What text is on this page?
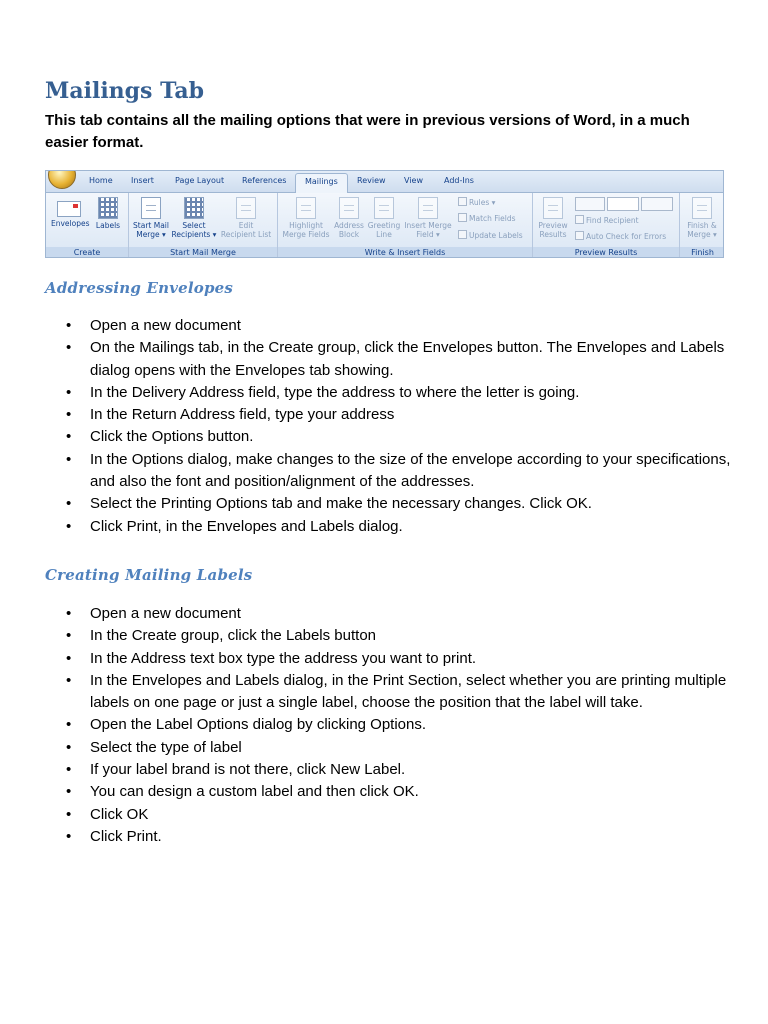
Mailings Tab

This tab contains all the mailing options that were in previous versions of Word, in a much easier format.

Home Insert	Page Layout References	Mailings	Review View	Add-Ins
Envelopes Labels
Create
Start Mail
Merge ▾
Select
Recipients ▾
Edit
Recipient List
Start Mail Merge
Highlight
Merge Fields
Address
Block
Greeting
Line
Insert Merge
Field ▾
Rules ▾
Match Fields
Update Labels
Write & Insert Fields
Preview
Results
Find Recipient
Auto Check for Errors
Preview Results
Finish &
Merge ▾
Finish
Addressing Envelopes
• Open a new document
• On the Mailings tab, in the Create group, click the Envelopes button. The Envelopes and Labels dialog opens with the Envelopes tab showing.
• In the Delivery Address field, type the address to where the letter is going.
• In the Return Address field, type your address
• Click the Options button.
• In the Options dialog, make changes to the size of the envelope according to your specifications, and also the font and position/alignment of the addresses.
• Select the Printing Options tab and make the necessary changes. Click OK.
• Click Print, in the Envelopes and Labels dialog.
Creating Mailing Labels
• Open a new document
• In the Create group, click the Labels button
• In the Address text box type the address you want to print.
• In the Envelopes and Labels dialog, in the Print Section, select whether you are printing multiple labels on one page or just a single label, choose the position that the label will take.
• Open the Label Options dialog by clicking Options.
• Select the type of label
• If your label brand is not there, click New Label.
• You can design a custom label and then click OK.
• Click OK
• Click Print.
